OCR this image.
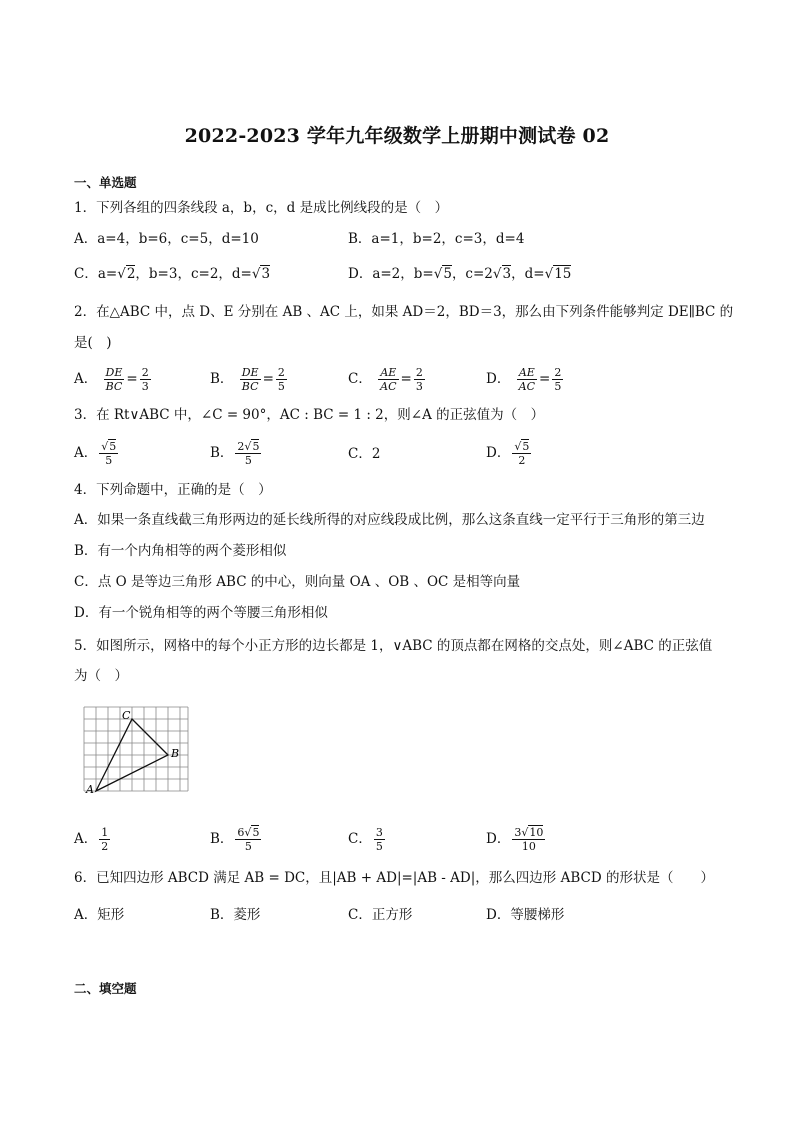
2022-2023 学年九年级数学上册期中测试卷 02
一、单选题
1．下列各组的四条线段 a，b，c，d 是成比例线段的是（　）
A．a=4，b=6，c=5，d=10	B．a=1，b=2，c=3，d=4
C．a=√2，b=3，c=2，d=√3	D．a=2，b=√5，c=2√3，d=√15
2．在△ABC 中，点 D、E 分别在 AB 、AC 上，如果 AD＝2，BD＝3，那么由下列条件能够判定 DE∥BC 的
是(　)
A． $\frac{DE}{BC} = \frac{2}{3}$	B． $\frac{DE}{BC} = \frac{2}{5}$	C． $\frac{AE}{AC} = \frac{2}{3}$	D． $\frac{AE}{AC} = \frac{2}{5}$
3．在 Rt∨ABC 中，∠C = 90°，AC : BC = 1 : 2，则∠A 的正弦值为（　）
A． $\frac{√5}{5}$	B． $\frac{2√5}{5}$	C．2	D． $\frac{√5}{2}$
4．下列命题中，正确的是（　）
A．如果一条直线截三角形两边的延长线所得的对应线段成比例，那么这条直线一定平行于三角形的第三边
B．有一个内角相等的两个菱形相似
C．点 O 是等边三角形 ABC 的中心，则向量 OA 、OB 、OC 是相等向量
D．有一个锐角相等的两个等腰三角形相似
5．如图所示，网格中的每个小正方形的边长都是 1，∨ABC 的顶点都在网格的交点处，则∠ABC 的正弦值
为（　）
A
B
C
A． $\frac{1}{2}$	B． $\frac{6√5}{5}$	C． $\frac{3}{5}$	D． $\frac{3√10}{10}$
6．已知四边形 ABCD 满足 AB = DC，且|AB + AD|=|AB - AD|，那么四边形 ABCD 的形状是（　　）
A．矩形	B．菱形	C．正方形	D．等腰梯形
二、填空题
